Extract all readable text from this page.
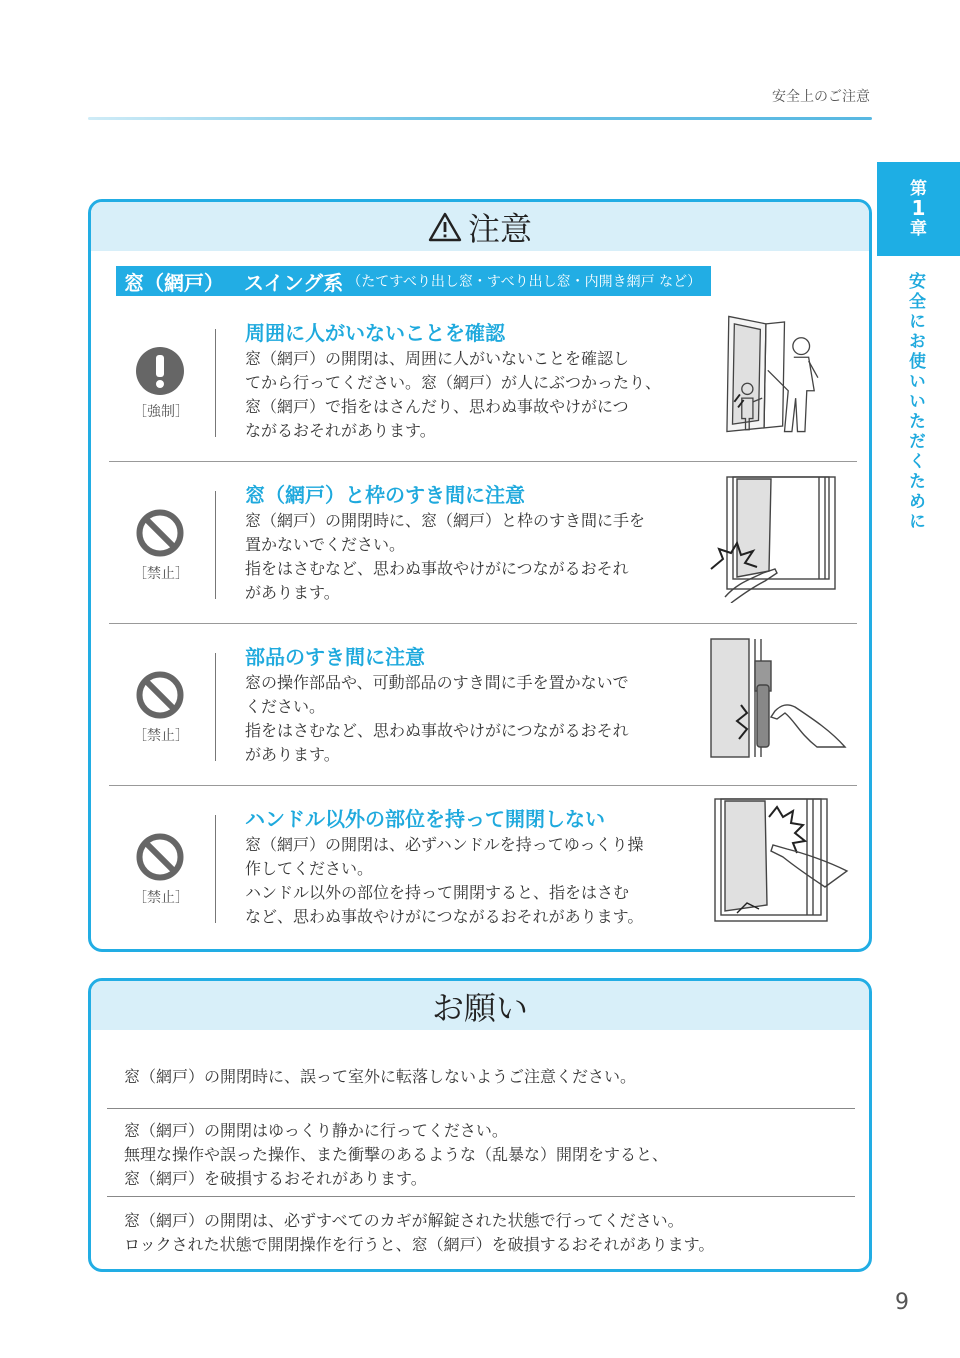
安全上のご注意
第
1
章
安全にお使いいただくために
注意
窓（網戸） スイング系 （たてすべり出し窓・すべり出し窓・内開き網戸 など）
［強制］
周囲に人がいないことを確認
窓（網戸）の開閉は、周囲に人がいないことを確認し
てから行ってください。窓（網戸）が人にぶつかったり、
窓（網戸）で指をはさんだり、思わぬ事故やけがにつ
ながるおそれがあります。
［禁止］
窓（網戸）と枠のすき間に注意
窓（網戸）の開閉時に、窓（網戸）と枠のすき間に手を
置かないでください。
指をはさむなど、思わぬ事故やけがにつながるおそれ
があります。
［禁止］
部品のすき間に注意
窓の操作部品や、可動部品のすき間に手を置かないで
ください。
指をはさむなど、思わぬ事故やけがにつながるおそれ
があります。
［禁止］
ハンドル以外の部位を持って開閉しない
窓（網戸）の開閉は、必ずハンドルを持ってゆっくり操
作してください。
ハンドル以外の部位を持って開閉すると、指をはさむ
など、思わぬ事故やけがにつながるおそれがあります。
お願い
窓（網戸）の開閉時に、誤って室外に転落しないようご注意ください。
窓（網戸）の開閉はゆっくり静かに行ってください。
無理な操作や誤った操作、また衝撃のあるような（乱暴な）開閉をすると、
窓（網戸）を破損するおそれがあります。
窓（網戸）の開閉は、必ずすべてのカギが解錠された状態で行ってください。
ロックされた状態で開閉操作を行うと、窓（網戸）を破損するおそれがあります。
9
